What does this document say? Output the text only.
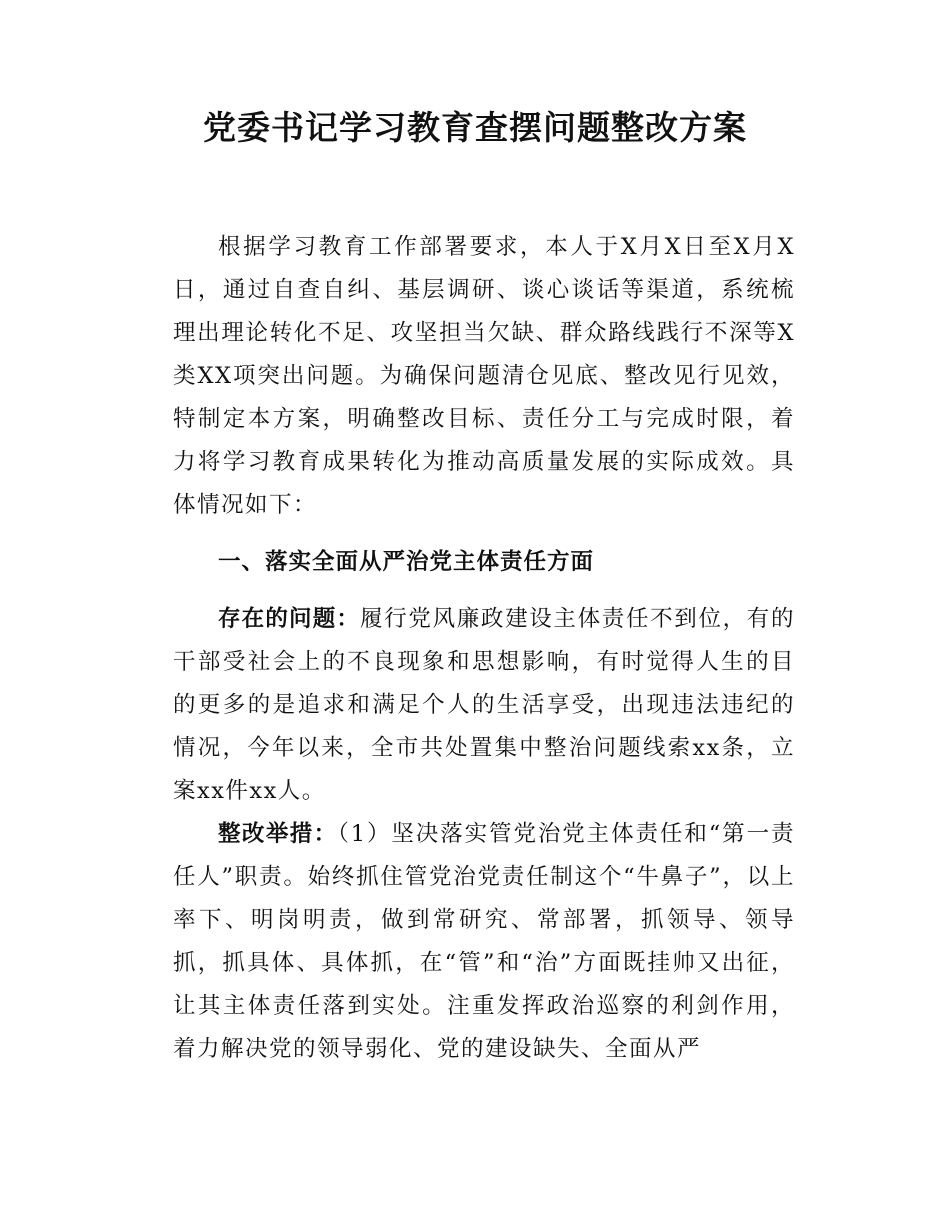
党委书记学习教育查摆问题整改方案

根据学习教育工作部署要求，本人于X月X日至X月X日，通过自查自纠、基层调研、谈心谈话等渠道，系统梳理出理论转化不足、攻坚担当欠缺、群众路线践行不深等X类XX项突出问题。为确保问题清仓见底、整改见行见效，特制定本方案，明确整改目标、责任分工与完成时限，着力将学习教育成果转化为推动高质量发展的实际成效。具体情况如下：

一、落实全面从严治党主体责任方面

存在的问题：履行党风廉政建设主体责任不到位，有的干部受社会上的不良现象和思想影响，有时觉得人生的目的更多的是追求和满足个人的生活享受，出现违法违纪的情况，今年以来，全市共处置集中整治问题线索xx条，立案xx件xx人。

整改举措：（1）坚决落实管党治党主体责任和“第一责任人”职责。始终抓住管党治党责任制这个“牛鼻子”，以上率下、明岗明责，做到常研究、常部署，抓领导、领导抓，抓具体、具体抓，在“管”和“治”方面既挂帅又出征，让其主体责任落到实处。注重发挥政治巡察的利剑作用，着力解决党的领导弱化、党的建设缺失、全面从严
